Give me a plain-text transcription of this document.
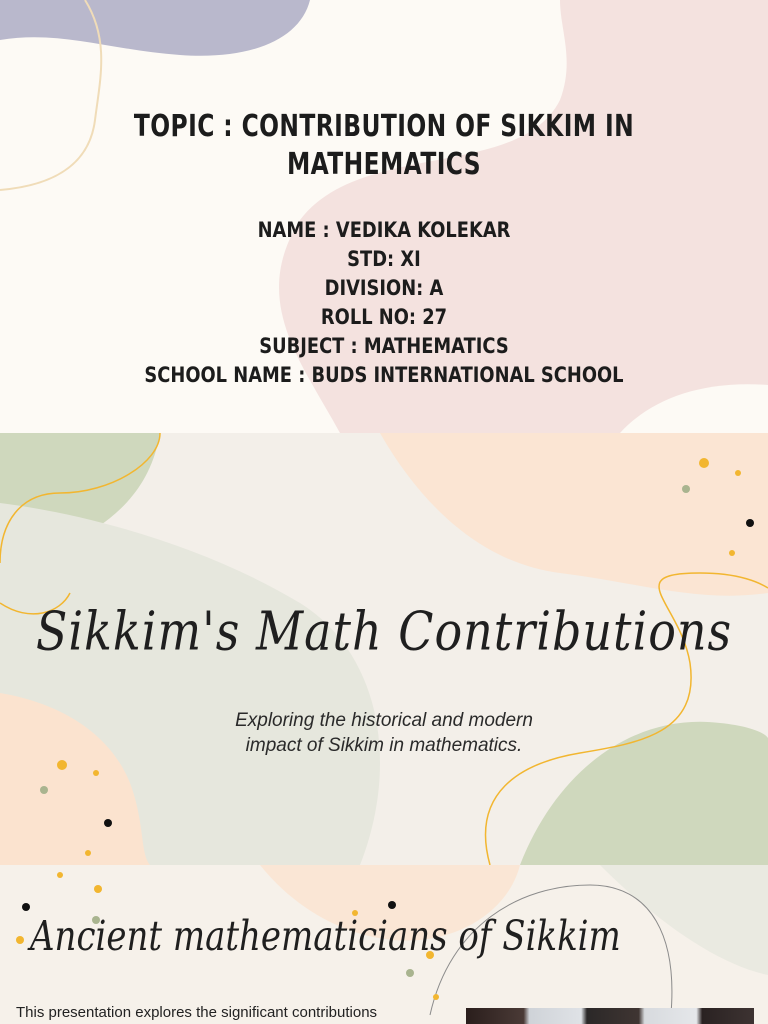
TOPIC : CONTRIBUTION OF SIKKIM IN MATHEMATICS
NAME : VEDIKA KOLEKAR
STD: XI
DIVISION: A
ROLL NO: 27
SUBJECT : MATHEMATICS
SCHOOL NAME : BUDS INTERNATIONAL SCHOOL
Sikkim's Math Contributions
Exploring the historical and modern
impact of Sikkim in mathematics.
Ancient mathematicians of Sikkim
This presentation explores the significant contributions
